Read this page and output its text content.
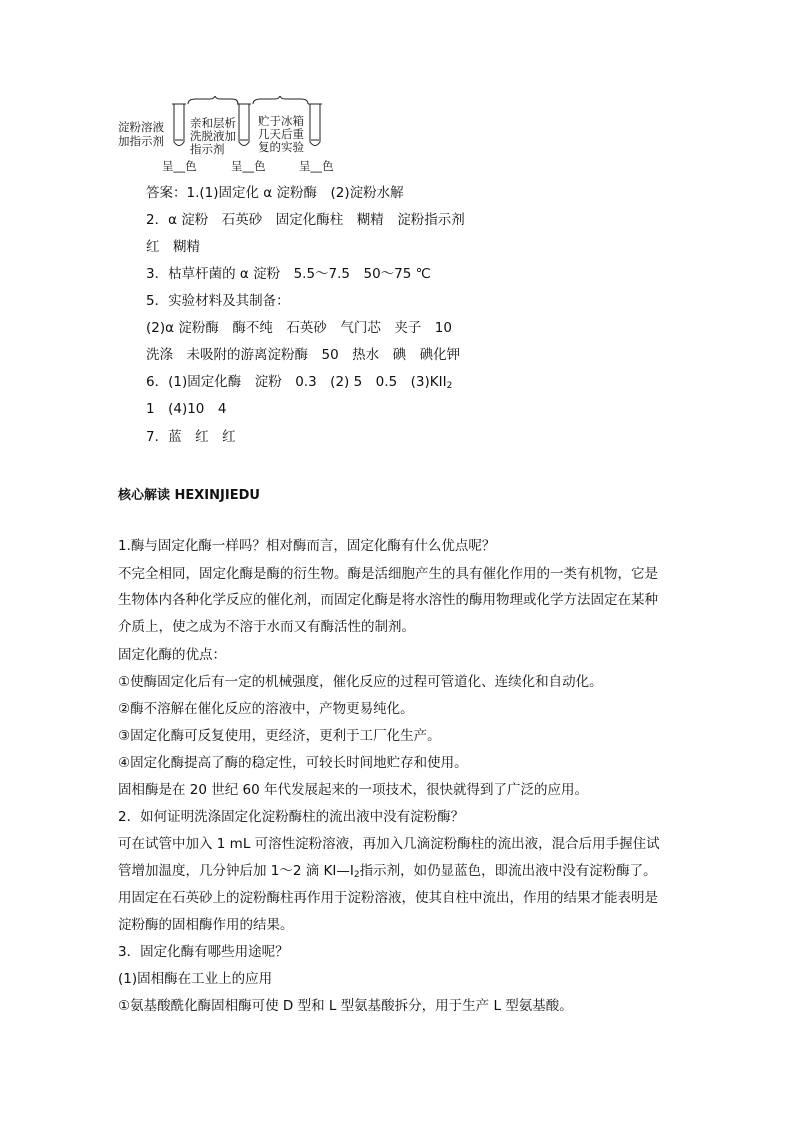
淀粉溶液
加指示剂
亲和层析
洗脱液加
指示剂
贮于冰箱
几天后重
复的实验
呈__色	呈__色	呈__色
答案：1.(1)固定化 α 淀粉酶　(2)淀粉水解
2．α 淀粉　石英砂　固定化酶柱　糊精　淀粉指示剂
红　糊精
3．枯草杆菌的 α 淀粉　5.5～7.5　50～75 ℃
5．实验材料及其制备：
(2)α 淀粉酶　酶不纯　石英砂　气门芯　夹子　10
洗涤　未吸附的游离淀粉酶　50　热水　碘　碘化钾
6．(1)固定化酶　淀粉　0.3　(2) 5　0.5　$(3)KII_2$
1　(4)10　4
7．蓝　红　红
核心解读 HEXINJIEDU
1.酶与固定化酶一样吗？相对酶而言，固定化酶有什么优点呢？
不完全相同，固定化酶是酶的衍生物。酶是活细胞产生的具有催化作用的一类有机物，它是
生物体内各种化学反应的催化剂，而固定化酶是将水溶性的酶用物理或化学方法固定在某种
介质上，使之成为不溶于水而又有酶活性的制剂。
固定化酶的优点：
①使酶固定化后有一定的机械强度，催化反应的过程可管道化、连续化和自动化。
②酶不溶解在催化反应的溶液中，产物更易纯化。
③固定化酶可反复使用，更经济，更利于工厂化生产。
④固定化酶提高了酶的稳定性，可较长时间地贮存和使用。
固相酶是在 20 世纪 60 年代发展起来的一项技术，很快就得到了广泛的应用。
2．如何证明洗涤固定化淀粉酶柱的流出液中没有淀粉酶？
可在试管中加入 1 mL 可溶性淀粉溶液，再加入几滴淀粉酶柱的流出液，混合后用手握住试
管增加温度，几分钟后加 1～2 滴 $KI—I_2$指示剂，如仍显蓝色，即流出液中没有淀粉酶了。
用固定在石英砂上的淀粉酶柱再作用于淀粉溶液，使其自柱中流出，作用的结果才能表明是
淀粉酶的固相酶作用的结果。
3．固定化酶有哪些用途呢？
(1)固相酶在工业上的应用
①氨基酸酰化酶固相酶可使 D 型和 L 型氨基酸拆分，用于生产 L 型氨基酸。
